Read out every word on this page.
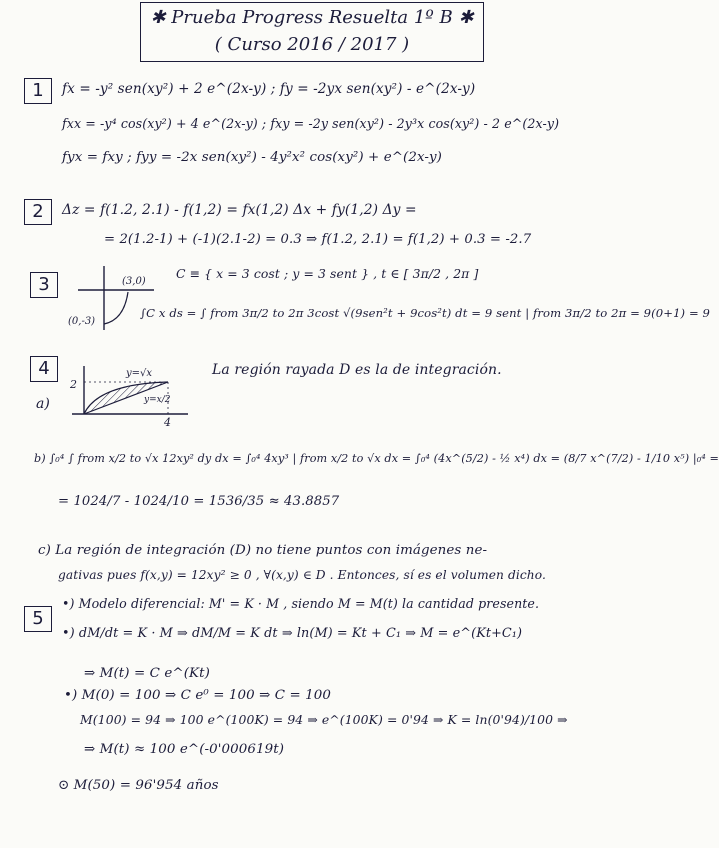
✱ Prueba Progress Resuelta 1º B ✱
( Curso 2016 / 2017 )
1	fx = -y² sen(xy²) + 2 e^(2x-y) ; fy = -2yx sen(xy²) - e^(2x-y)
fxx = -y⁴ cos(xy²) + 4 e^(2x-y) ; fxy = -2y sen(xy²) - 2y³x cos(xy²) - 2 e^(2x-y)
fyx = fxy ; fyy = -2x sen(xy²) - 4y²x² cos(xy²) + e^(2x-y)
2	Δz = f(1.2, 2.1) - f(1,2) = fx(1,2) Δx + fy(1,2) Δy =
= 2(1.2-1) + (-1)(2.1-2) = 0.3 ⇒ f(1.2, 2.1) = f(1,2) + 0.3 = -2.7
3	(3,0)
(0,-3)
C ≡ { x = 3 cost ; y = 3 sent } , t ∈ [ 3π/2 , 2π ]
∫C x ds = ∫ from 3π/2 to 2π 3cost √(9sen²t + 9cos²t) dt = 9 sent | from 3π/2 to 2π = 9(0+1) = 9
4
a)
2
4
y=√x
y=x/2
La región rayada D es la de integración.
b) ∫₀⁴ ∫ from x/2 to √x 12xy² dy dx = ∫₀⁴ 4xy³ | from x/2 to √x dx = ∫₀⁴ (4x^(5/2) - ½ x⁴) dx = (8/7 x^(7/2) - 1/10 x⁵) |₀⁴ =
= 1024/7 - 1024/10 = 1536/35 ≈ 43.8857
c) La región de integración (D) no tiene puntos con imágenes ne-
gativas pues f(x,y) = 12xy² ≥ 0 , ∀(x,y) ∈ D . Entonces, sí es el volumen dicho.
5
•) Modelo diferencial: M' = K · M , siendo M = M(t) la cantidad presente.
•) dM/dt = K · M ⇒ dM/M = K dt ⇒ ln(M) = Kt + C₁ ⇒ M = e^(Kt+C₁)
⇒ M(t) = C e^(Kt)
•) M(0) = 100 ⇒ C e⁰ = 100 ⇒ C = 100
M(100) = 94 ⇒ 100 e^(100K) = 94 ⇒ e^(100K) = 0'94 ⇒ K = ln(0'94)/100 ⇒
⇒ M(t) ≈ 100 e^(-0'000619t)
⊙ M(50) = 96'954 años
